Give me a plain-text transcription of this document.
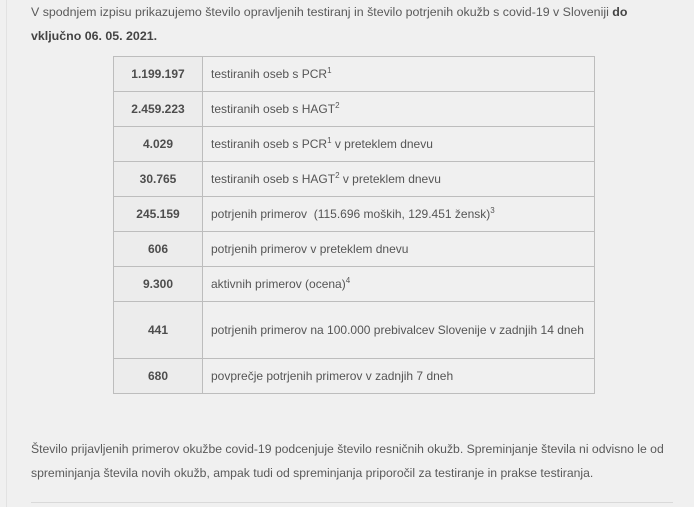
V spodnjem izpisu prikazujemo število opravljenih testiranj in število potrjenih okužb s covid-19 v Sloveniji do vključno 06. 05. 2021.

1.199.197	testiranih oseb s PCR$^1$
2.459.223	testiranih oseb s HAGT$^2$
4.029	testiranih oseb s PCR$^1$ v preteklem dnevu
30.765	testiranih oseb s HAGT$^2$ v preteklem dnevu
245.159	potrjenih primerov  (115.696 moških, 129.451 žensk)$^3$
606	potrjenih primerov v preteklem dnevu
9.300	aktivnih primerov (ocena)$^4$
441	potrjenih primerov na 100.000 prebivalcev Slovenije v zadnjih 14 dneh
680	povprečje potrjenih primerov v zadnjih 7 dneh

Število prijavljenih primerov okužbe covid-19 podcenjuje število resničnih okužb. Spreminjanje števila ni odvisno le od spreminjanja števila novih okužb, ampak tudi od spreminjanja priporočil za testiranje in prakse testiranja.
